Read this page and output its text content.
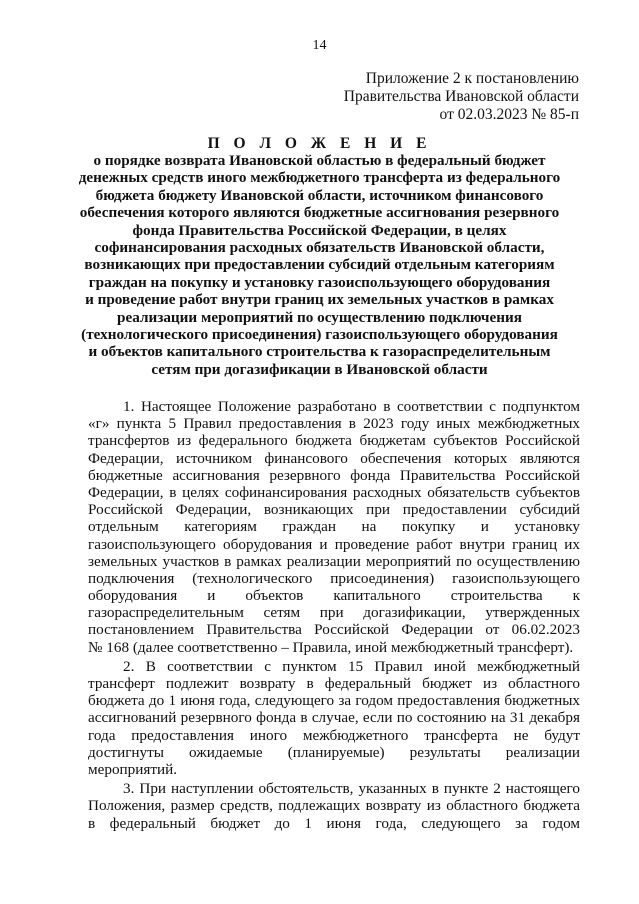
14
Приложение 2 к постановлению
Правительства Ивановской области
от 02.03.2023 № 85-п
П О Л О Ж Е Н И Е
о порядке возврата Ивановской областью в федеральный бюджет
денежных средств иного межбюджетного трансферта из федерального
бюджета бюджету Ивановской области, источником финансового
обеспечения которого являются бюджетные ассигнования резервного
фонда Правительства Российской Федерации, в целях
софинансирования расходных обязательств Ивановской области,
возникающих при предоставлении субсидий отдельным категориям
граждан на покупку и установку газоиспользующего оборудования
и проведение работ внутри границ их земельных участков в рамках
реализации мероприятий по осуществлению подключения
(технологического присоединения) газоиспользующего оборудования
и объектов капитального строительства к газораспределительным
сетям при догазификации в Ивановской области
1. Настоящее Положение разработано в соответствии с подпунктом
«г» пункта 5 Правил предоставления в 2023 году иных межбюджетных
трансфертов из федерального бюджета бюджетам субъектов Российской
Федерации, источником финансового обеспечения которых являются
бюджетные ассигнования резервного фонда Правительства Российской
Федерации, в целях софинансирования расходных обязательств субъектов
Российской Федерации, возникающих при предоставлении субсидий
отдельным категориям граждан на покупку и установку
газоиспользующего оборудования и проведение работ внутри границ их
земельных участков в рамках реализации мероприятий по осуществлению
подключения (технологического присоединения) газоиспользующего
оборудования и объектов капитального строительства к
газораспределительным сетям при догазификации, утвержденных
постановлением Правительства Российской Федерации от 06.02.2023
№ 168 (далее соответственно – Правила, иной межбюджетный трансферт).
2. В соответствии с пунктом 15 Правил иной межбюджетный
трансферт подлежит возврату в федеральный бюджет из областного
бюджета до 1 июня года, следующего за годом предоставления бюджетных
ассигнований резервного фонда в случае, если по состоянию на 31 декабря
года предоставления иного межбюджетного трансферта не будут
достигнуты ожидаемые (планируемые) результаты реализации
мероприятий.
3. При наступлении обстоятельств, указанных в пункте 2 настоящего
Положения, размер средств, подлежащих возврату из областного бюджета
в федеральный бюджет до 1 июня года, следующего за годом
